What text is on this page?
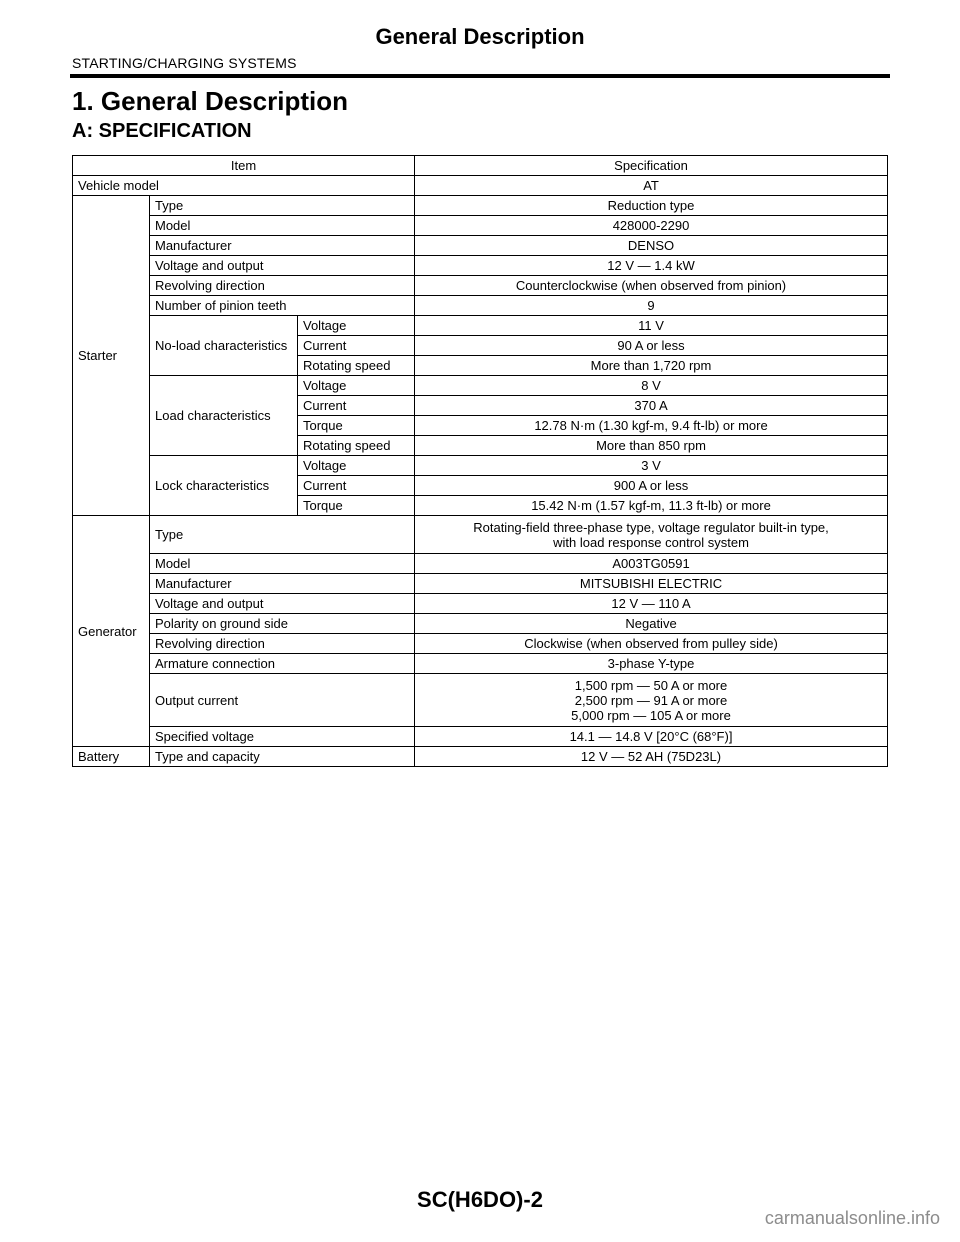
General Description
STARTING/CHARGING SYSTEMS
1. General Description
A: SPECIFICATION
Item			Specification
Vehicle model			AT
Starter	Type		Reduction type
	Model		428000-2290
	Manufacturer		DENSO
	Voltage and output		12 V — 1.4 kW
	Revolving direction		Counterclockwise (when observed from pinion)
	Number of pinion teeth		9
	No-load characteristics	Voltage	11 V
		Current	90 A or less
		Rotating speed	More than 1,720 rpm
	Load characteristics	Voltage	8 V
		Current	370 A
		Torque	12.78 N·m (1.30 kgf-m, 9.4 ft-lb) or more
		Rotating speed	More than 850 rpm
	Lock characteristics	Voltage	3 V
		Current	900 A or less
		Torque	15.42 N·m (1.57 kgf-m, 11.3 ft-lb) or more
Generator	Type		Rotating-field three-phase type, voltage regulator built-in type,
with load response control system

	Model		A003TG0591
	Manufacturer		MITSUBISHI ELECTRIC
	Voltage and output		12 V — 110 A
	Polarity on ground side		Negative
	Revolving direction		Clockwise (when observed from pulley side)
	Armature connection		3-phase Y-type
	Output current		1,500 rpm — 50 A or more
2,500 rpm — 91 A or more
5,000 rpm — 105 A or more

	Specified voltage		14.1 — 14.8 V [20°C (68°F)]
Battery	Type and capacity		12 V — 52 AH (75D23L)
SC(H6DO)-2
carmanualsonline.info
